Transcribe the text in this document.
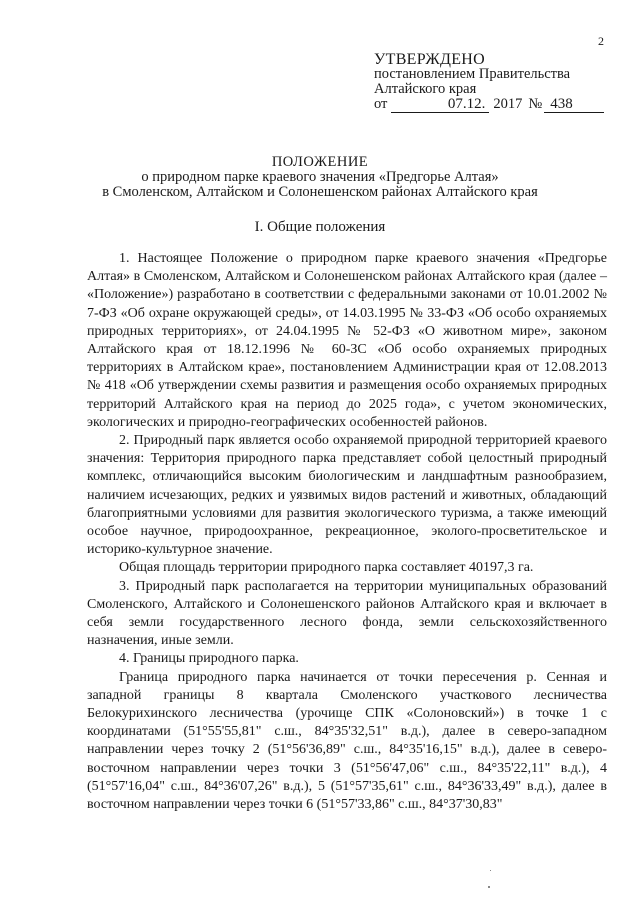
2
УТВЕРЖДЕНО
постановлением Правительства
Алтайского края
от	07.12. 2017 № 438
ПОЛОЖЕНИЕ
о природном парке краевого значения «Предгорье Алтая»
в Смоленском, Алтайском и Солонешенском районах Алтайского края
I. Общие положения

1. Настоящее Положение о природном парке краевого значения «Предгорье Алтая» в Смоленском, Алтайском и Солонешенском районах Алтайского края (далее – «Положение») разработано в соответствии с федеральными законами от 10.01.2002 № 7-ФЗ «Об охране окружающей среды», от 14.03.1995 № 33-ФЗ «Об особо охраняемых природных территориях», от 24.04.1995 № 52-ФЗ «О животном мире», законом Алтайского края от 18.12.1996 № 60-ЗС «Об особо охраняемых природных территориях в Алтайском крае», постановлением Администрации края от 12.08.2013 № 418 «Об утверждении схемы развития и размещения особо охраняемых природных территорий Алтайского края на период до 2025 года», с учетом экономических, экологических и природно-географических особенностей районов.

2. Природный парк является особо охраняемой природной территорией краевого значения: Территория природного парка представляет собой целостный природный комплекс, отличающийся высоким биологическим и ландшафтным разнообразием, наличием исчезающих, редких и уязвимых видов растений и животных, обладающий благоприятными условиями для развития экологического туризма, а также имеющий особое научное, природоохранное, рекреационное, эколого-просветительское и историко-культурное значение.

Общая площадь территории природного парка составляет 40197,3 га.

3. Природный парк располагается на территории муниципальных образований Смоленского, Алтайского и Солонешенского районов Алтайского края и включает в себя земли государственного лесного фонда, земли сельскохозяйственного назначения, иные земли.

4. Границы природного парка.

Граница природного парка начинается от точки пересечения р. Сенная и западной границы 8 квартала Смоленского участкового лесничества Белокурихинского лесничества (урочище СПК «Солоновский») в точке 1 с координатами (51°55'55,81" с.ш., 84°35'32,51" в.д.), далее в северо-западном направлении через точку 2 (51°56'36,89" с.ш., 84°35'16,15" в.д.), далее в северо-восточном направлении через точки 3 (51°56'47,06" с.ш., 84°35'22,11" в.д.), 4 (51°57'16,04" с.ш., 84°36'07,26" в.д.), 5 (51°57'35,61" с.ш., 84°36'33,49" в.д.), далее в восточном направлении через точки 6 (51°57'33,86" с.ш., 84°37'30,83"
